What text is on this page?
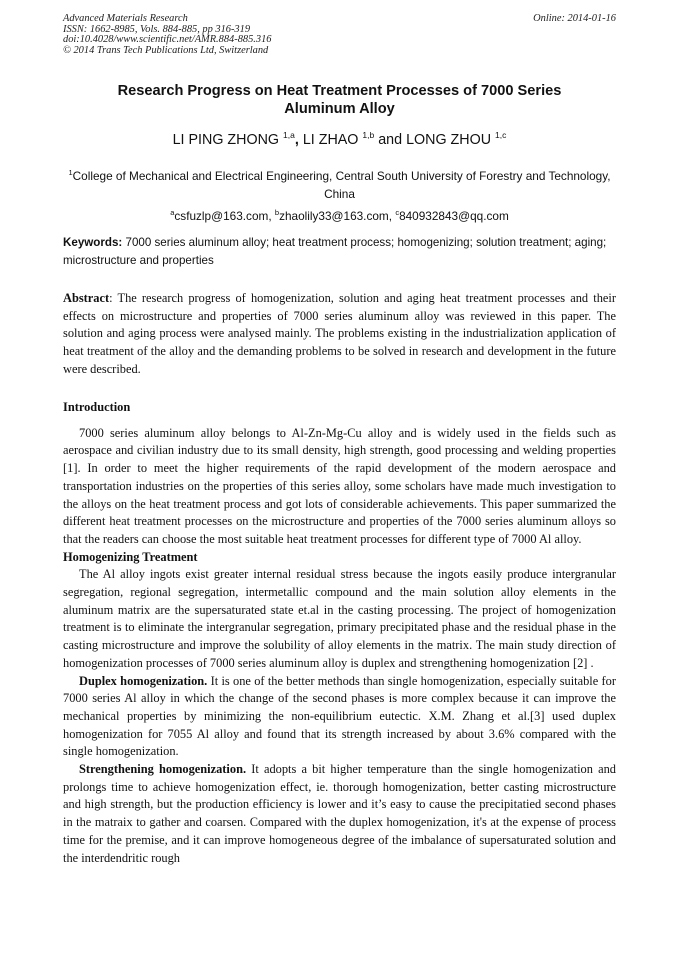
Advanced Materials Research
ISSN: 1662-8985, Vols. 884-885, pp 316-319
doi:10.4028/www.scientific.net/AMR.884-885.316
© 2014 Trans Tech Publications Ltd, Switzerland
Online: 2014-01-16
Research Progress on Heat Treatment Processes of 7000 Series
Aluminum Alloy
LI PING ZHONG $^{1,a}$, LI ZHAO $^{1,b}$ and LONG ZHOU $^{1,c}$
$^1$College of Mechanical and Electrical Engineering, Central South University of Forestry and Technology, China
$^a$csfuzlp@163.com, $^b$zhaolily33@163.com, $^c$840932843@qq.com
Keywords: 7000 series aluminum alloy; heat treatment process; homogenizing; solution treatment; aging; microstructure and properties
Abstract: The research progress of homogenization, solution and aging heat treatment processes and their effects on microstructure and properties of 7000 series aluminum alloy was reviewed in this paper. The solution and aging process were analysed mainly. The problems existing in the industrialization application of heat treatment of the alloy and the demanding problems to be solved in research and development in the future were described.
Introduction

7000 series aluminum alloy belongs to Al-Zn-Mg-Cu alloy and is widely used in the fields such as aerospace and civilian industry due to its small density, high strength, good processing and welding properties [1]. In order to meet the higher requirements of the rapid development of the modern aerospace and transportation industries on the properties of this series alloy, some scholars have made much investigation to the alloys on the heat treatment process and got lots of considerable achievements. This paper summarized the different heat treatment processes on the microstructure and properties of the 7000 series aluminum alloys so that the readers can choose the most suitable heat treatment processes for different type of 7000 Al alloy.

Homogenizing Treatment

The Al alloy ingots exist greater internal residual stress because the ingots easily produce intergranular segregation, regional segregation, intermetallic compound and the main solution alloy elements in the aluminum matrix are the supersaturated state et.al in the casting processing. The project of homogenization treatment is to eliminate the intergranular segregation, primary precipitated phase and the residual phase in the casting microstructure and improve the solubility of alloy elements in the matrix. The main study direction of homogenization processes of 7000 series aluminum alloy is duplex and strengthening homogenization [2] .

Duplex homogenization. It is one of the better methods than single homogenization, especially suitable for 7000 series Al alloy in which the change of the second phases is more complex because it can improve the mechanical properties by minimizing the non-equilibrium eutectic. X.M. Zhang et al.[3] used duplex homogenization for 7055 Al alloy and found that its strength increased by about 3.6% compared with the single homogenization.

Strengthening homogenization. It adopts a bit higher temperature than the single homogenization and prolongs time to achieve homogenization effect, ie. thorough homogenization, better casting microstructure and high strength, but the production efficiency is lower and it’s easy to cause the precipitatied second phases in the matraix to gather and coarsen. Compared with the duplex homogenization, it's at the expense of process time for the premise, and it can improve homogeneous degree of the imbalance of supersaturated solution and the interdendritic rough
